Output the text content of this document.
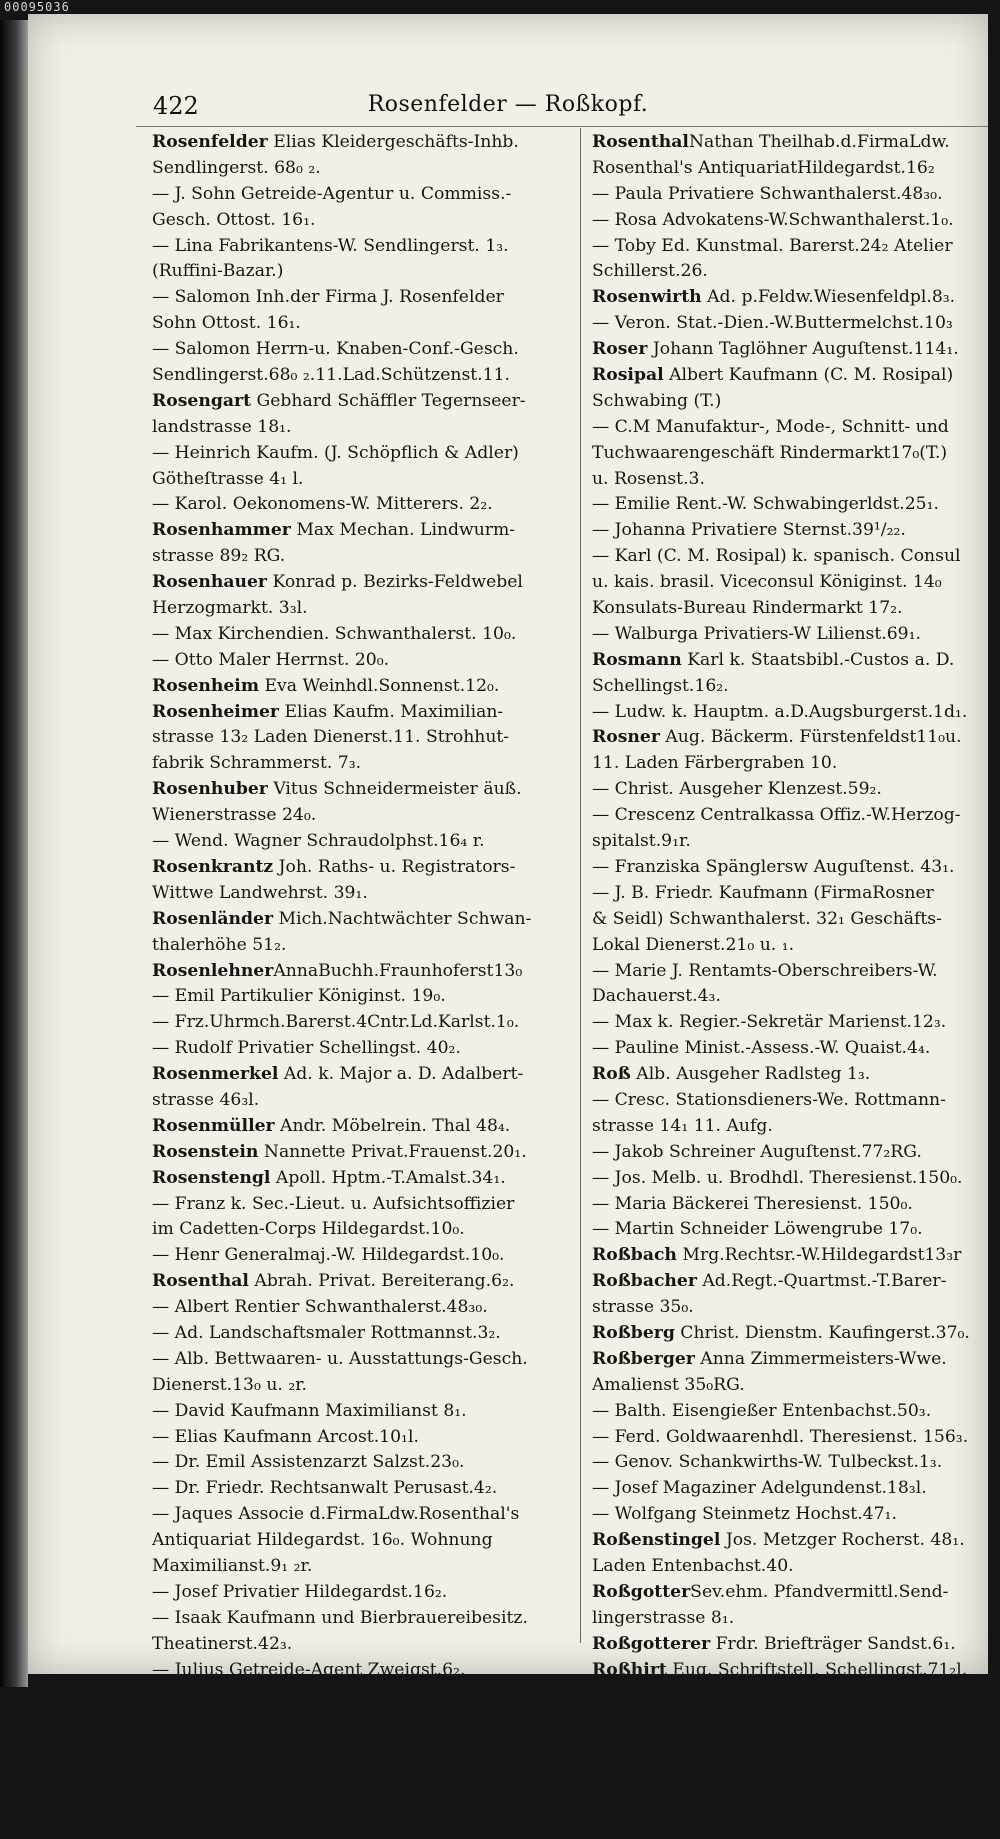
00095036
422	Rosenfelder — Roßkopf.
Rosenfelder Elias Kleidergeschäfts-Inhb.
Sendlingerst. 68₀ ₂.
— J. Sohn Getreide-Agentur u. Commiss.-
Gesch. Ottost. 16₁.
— Lina Fabrikantens-W. Sendlingerst. 1₃.
(Ruffini-Bazar.)
— Salomon Inh.der Firma J. Rosenfelder
Sohn Ottost. 16₁.
— Salomon Herrn-u. Knaben-Conf.-Gesch.
Sendlingerst.68₀ ₂.11.Lad.Schützenst.11.
Rosengart Gebhard Schäffler Tegernseer-
landstrasse 18₁.
— Heinrich Kaufm. (J. Schöpflich & Adler)
Götheſtrasse 4₁ l.
— Karol. Oekonomens-W. Mitterers. 2₂.
Rosenhammer Max Mechan. Lindwurm-
strasse 89₂ RG.
Rosenhauer Konrad p. Bezirks-Feldwebel
Herzogmarkt. 3₃l.
— Max Kirchendien. Schwanthalerst. 10₀.
— Otto Maler Herrnst. 20₀.
Rosenheim Eva Weinhdl.Sonnenst.12₀.
Rosenheimer Elias Kaufm. Maximilian-
strasse 13₂ Laden Dienerst.11. Strohhut-
fabrik Schrammerst. 7₃.
Rosenhuber Vitus Schneidermeister äuß.
Wienerstrasse 24₀.
— Wend. Wagner Schraudolphst.16₄ r.
Rosenkrantz Joh. Raths- u. Registrators-
Wittwe Landwehrst. 39₁.
Rosenländer Mich.Nachtwächter Schwan-
thalerhöhe 51₂.
RosenlehnerAnnaBuchh.Fraunhoferst13₀
— Emil Partikulier Königinst. 19₀.
— Frz.Uhrmch.Barerst.4Cntr.Ld.Karlst.1₀.
— Rudolf Privatier Schellingst. 40₂.
Rosenmerkel Ad. k. Major a. D. Adalbert-
strasse 46₃l.
Rosenmüller Andr. Möbelrein. Thal 48₄.
Rosenstein Nannette Privat.Frauenst.20₁.
Rosenstengl Apoll. Hptm.-T.Amalst.34₁.
— Franz k. Sec.-Lieut. u. Aufsichtsoffizier
im Cadetten-Corps Hildegardst.10₀.
— Henr Generalmaj.-W. Hildegardst.10₀.
Rosenthal Abrah. Privat. Bereiterang.6₂.
— Albert Rentier Schwanthalerst.48₃₀.
— Ad. Landschaftsmaler Rottmannst.3₂.
— Alb. Bettwaaren- u. Ausstattungs-Gesch.
Dienerst.13₀ u. ₂r.
— David Kaufmann Maximilianst 8₁.
— Elias Kaufmann Arcost.10₁l.
— Dr. Emil Assistenzarzt Salzst.23₀.
— Dr. Friedr. Rechtsanwalt Perusast.4₂.
— Jaques Associe d.FirmaLdw.Rosenthal's
Antiquariat Hildegardst. 16₀. Wohnung
Maximilianst.9₁ ₂r.
— Josef Privatier Hildegardst.16₂.
— Isaak Kaufmann und Bierbrauereibesitz.
Theatinerst.42₃.
— Julius Getreide-Agent Zweigst.6₂.
— Leop.Kaufmann(Firma Leonh. Mändle)
Kaufingerst.26₁.
— Ludw. beeid.Büchertarator Thierschst.4₁.
— Ludw Rosenthal's Antiquariat perman.
literar.-artist. Ausstellg. Geschäfts-Lok.
Hildegardst.16.
RosenthalNathan Theilhab.d.FirmaLdw.
Rosenthal's AntiquariatHildegardst.16₂
— Paula Privatiere Schwanthalerst.48₃₀.
— Rosa Advokatens-W.Schwanthalerst.1₀.
— Toby Ed. Kunstmal. Barerst.24₂ Atelier
Schillerst.26.
Rosenwirth Ad. p.Feldw.Wiesenfeldpl.8₃.
— Veron. Stat.-Dien.-W.Buttermelchst.10₃
Roser Johann Taglöhner Auguſtenst.114₁.
Rosipal Albert Kaufmann (C. M. Rosipal)
Schwabing (T.)
— C.M Manufaktur-, Mode-, Schnitt- und
Tuchwaarengeschäft Rindermarkt17₀(T.)
u. Rosenst.3.
— Emilie Rent.-W. Schwabingerldst.25₁.
— Johanna Privatiere Sternst.39¹/₂₂.
— Karl (C. M. Rosipal) k. spanisch. Consul
u. kais. brasil. Viceconsul Königinst. 14₀
Konsulats-Bureau Rindermarkt 17₂.
— Walburga Privatiers-W Lilienst.69₁.
Rosmann Karl k. Staatsbibl.-Custos a. D.
Schellingst.16₂.
— Ludw. k. Hauptm. a.D.Augsburgerst.1d₁.
Rosner Aug. Bäckerm. Fürstenfeldst11₀u.
11. Laden Färbergraben 10.
— Christ. Ausgeher Klenzest.59₂.
— Crescenz Centralkassa Offiz.-W.Herzog-
spitalst.9₁r.
— Franziska Spänglersw Auguſtenst. 43₁.
— J. B. Friedr. Kaufmann (FirmaRosner
& Seidl) Schwanthalerst. 32₁ Geschäfts-
Lokal Dienerst.21₀ u. ₁.
— Marie J. Rentamts-Oberschreibers-W.
Dachauerst.4₃.
— Max k. Regier.-Sekretär Marienst.12₃.
— Pauline Minist.-Assess.-W. Quaist.4₄.
Roß Alb. Ausgeher Radlsteg 1₃.
— Cresc. Stationsdieners-We. Rottmann-
strasse 14₁ 11. Aufg.
— Jakob Schreiner Auguſtenst.77₂RG.
— Jos. Melb. u. Brodhdl. Theresienst.150₀.
— Maria Bäckerei Theresienst. 150₀.
— Martin Schneider Löwengrube 17₀.
Roßbach Mrg.Rechtsr.-W.Hildegardst13₃r
Roßbacher Ad.Regt.-Quartmst.-T.Barer-
strasse 35₀.
Roßberg Christ. Dienstm. Kaufingerst.37₀.
Roßberger Anna Zimmermeisters-Wwe.
Amalienst 35₀RG.
— Balth. Eisengießer Entenbachst.50₃.
— Ferd. Goldwaarenhdl. Theresienst. 156₃.
— Genov. Schankwirths-W. Tulbeckst.1₃.
— Josef Magaziner Adelgundenst.18₃l.
— Wolfgang Steinmetz Hochst.47₁.
Roßenstingel Jos. Metzger Rocherst. 48₁.
Laden Entenbachst.40.
RoßgotterSev.ehm. Pfandvermittl.Send-
lingerstrasse 8₁.
Roßgotterer Frdr. Briefträger Sandst.6₁.
Roßhirt Eug. Schriftstell. Schellingst.71₂l.
— Johann Gärtnergehilfe Auguſtenst.80₄r.
Rossi P. Gregor Karlst.34.
— Natale Geschäftsführ.Findlgst 20₀QuB.
RoßkopfHnr. Schuhm.Corneliust.20₀RG.
— Joh. Münzarbeiter Thierschst.9₂RG.
— Joh. B. Ingen.-Assistent Heßst.48₀.
